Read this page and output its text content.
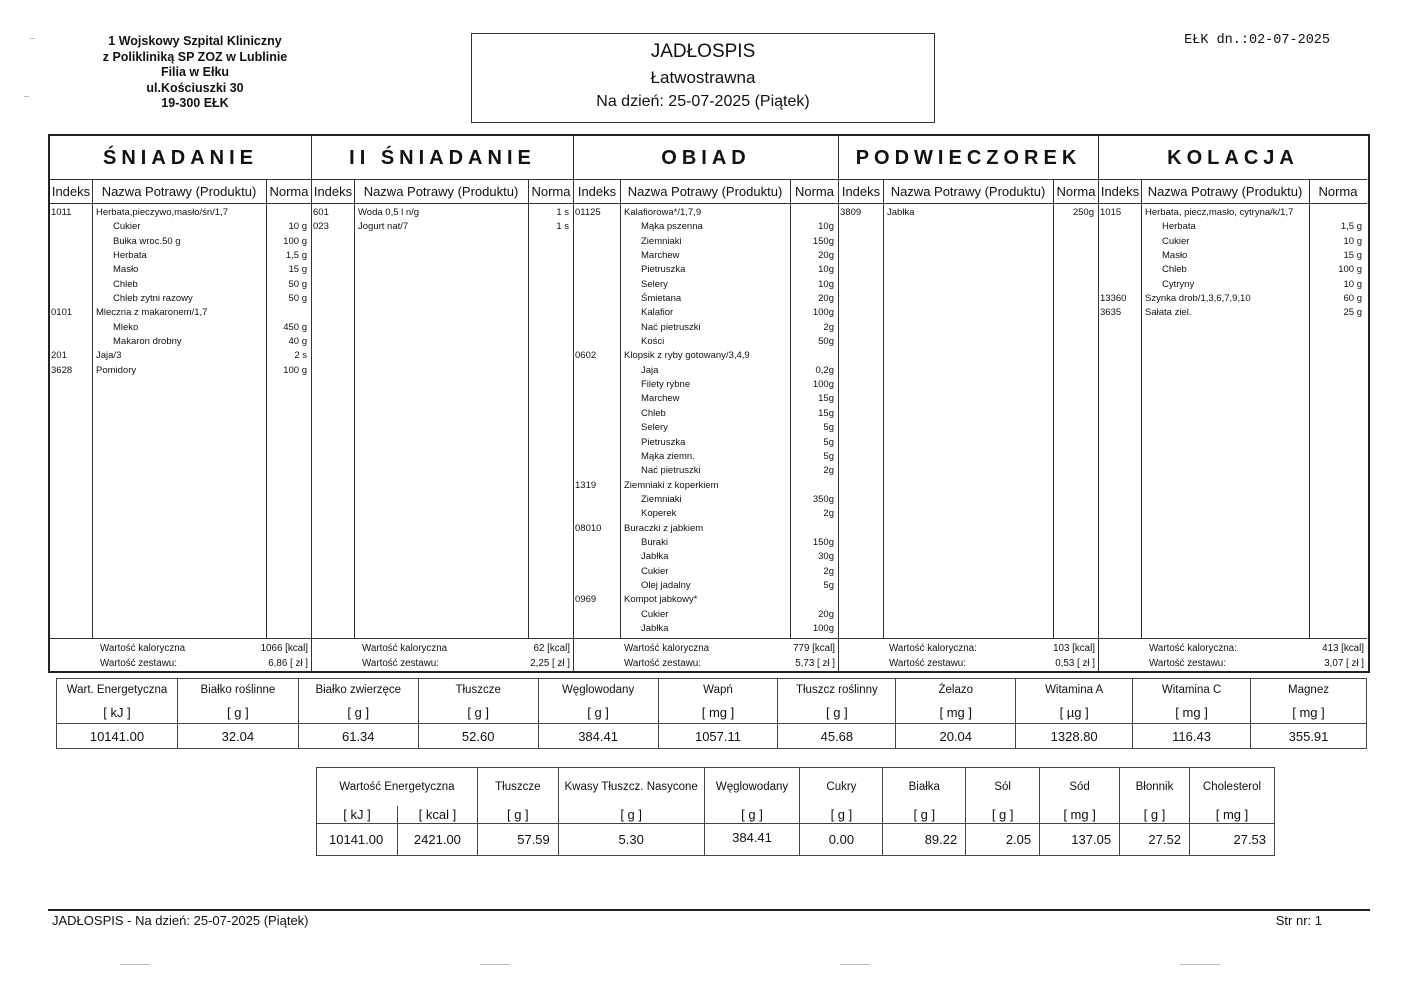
1 Wojskowy Szpital Kliniczny
z Polikliniką SP ZOZ w Lublinie
Filia w Ełku
ul.Kościuszki 30
19-300 EŁK
JADŁOSPIS
Łatwostrawna
Na dzień: 25-07-2025 (Piątek)
EŁK dn.:02-07-2025
ŚNIADANIE
Indeks Nazwa Potrawy (Produktu)	Norma
1011	Herbata,pieczywo,masło/śn/1,7
Cukier	10 g
Bułka wroc.50 g	100 g
Herbata	1,5 g
Masło	15 g
Chleb	50 g
Chleb zytni razowy	50 g
0101	Mleczna z makaronem/1,7
Mleko	450 g
Makaron drobny	40 g
201	Jaja/3	2 s
3628	Pomidory	100 g
Wartość kaloryczna	1066 [kcal]
Wartość zestawu:	6,86 [ zł ]
II ŚNIADANIE
Indeks Nazwa Potrawy (Produktu)	Norma
601	Woda 0,5 l n/g	1 s
023	Jogurt nat/7	1 s
Wartość kaloryczna	62 [kcal]
Wartość zestawu:	2,25 [ zł ]
OBIAD
Indeks Nazwa Potrawy (Produktu) Norma
01125 Kalafiorowa*/1,7,9
Mąka pszenna	10g
Ziemniaki	150g
Marchew	20g
Pietruszka	10g
Selery	10g
Śmietana	20g
Kalafior	100g
Nać pietruszki	2g
Kości	50g
0602	Klopsik z ryby gotowany/3,4,9
Jaja	0,2g
Filety rybne	100g
Marchew	15g
Chleb	15g
Selery	5g
Pietruszka	5g
Mąka ziemn.	5g
Nać pietruszki	2g
1319	Ziemniaki z koperkiem
Ziemniaki	350g
Koperek	2g
08010 Buraczki z jabkiem
Buraki	150g
Jabłka	30g
Cukier	2g
Olej jadalny	5g
0969	Kompot jabkowy*
Cukier	20g
Jabłka	100g
Wartość kaloryczna	779 [kcal]
Wartość zestawu:	5,73 [ zł ]
PODWIECZOREK
Indeks Nazwa Potrawy (Produktu) Norma
3809	Jabłka	250g
Wartość kaloryczna:	103 [kcal]
Wartość zestawu:	0,53 [ zł ]
KOLACJA
Indeks Nazwa Potrawy (Produktu)	Norma
1015	Herbata, piecz,masło, cytryna/k/1,7
Herbata	1,5 g
Cukier	10 g
Masło	15 g
Chleb	100 g
Cytryny	10 g
13360 Szynka drob/1,3,6,7,9,10	60 g
3635	Sałata ziel.	25 g
Wartość kaloryczna:	413 [kcal]
Wartość zestawu:	3,07 [ zł ]
Wart. Energetyczna	Białko roślinne	Białko zwierzęce	Tłuszcze	Węglowodany	Wapń	Tłuszcz roślinny	Żelazo	Witamina A	Witamina C	Magnez
[ kJ ]	[ g ]	[ g ]	[ g ]	[ g ]	[ mg ]	[ g ]	[ mg ]	[ µg ]	[ mg ]	[ mg ]
10141.00	32.04	61.34	52.60	384.41	1057.11	45.68	20.04	1328.80	116.43	355.91
Wartość Energetyczna		Tłuszcze	Kwasy Tłuszcz. Nasycone	Węglowodany	Cukry	Białka	Sól	Sód	Błonnik	Cholesterol
[ kJ ]	[ kcal ]	[ g ]	[ g ]	[ g ]	[ g ]	[ g ]	[ g ]	[ mg ]	[ g ]	[ mg ]
10141.00	2421.00	57.59	5.30	384.41	0.00	89.22	2.05	137.05	27.52	27.53
JADŁOSPIS - Na dzień: 25-07-2025 (Piątek)	Str nr: 1
